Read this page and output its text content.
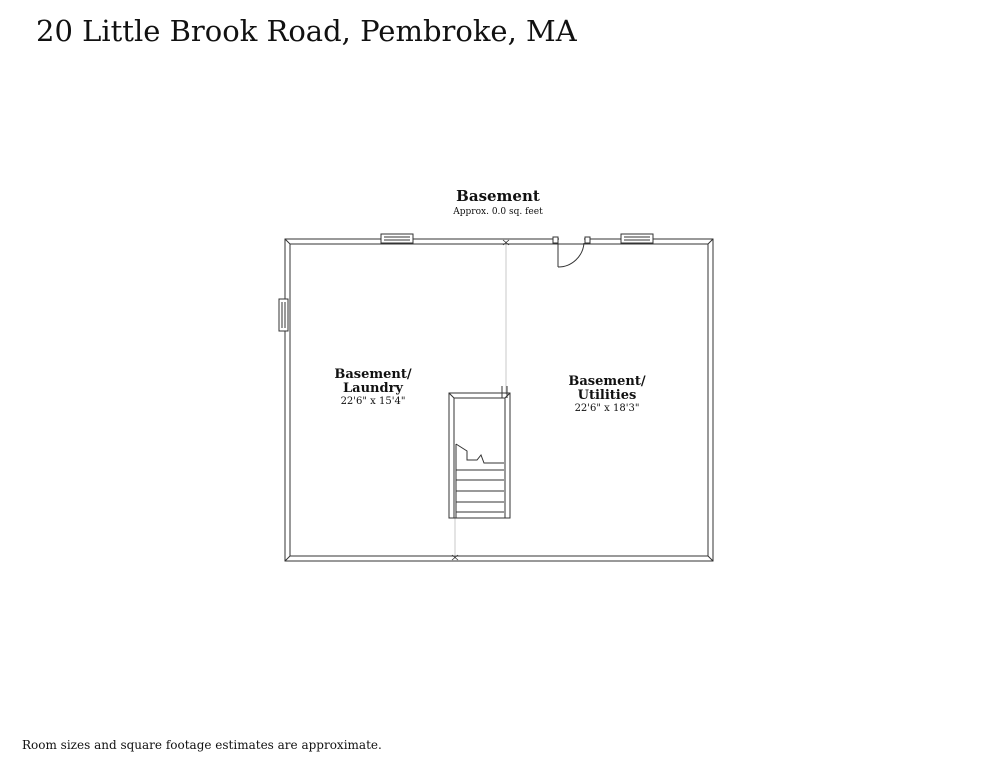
20 Little Brook Road, Pembroke, MA
Basement
Approx. 0.0 sq. feet
Basement/
Laundry
22'6" x 15'4"
Basement/
Utilities
22'6" x 18'3"
Room sizes and square footage estimates are approximate.
